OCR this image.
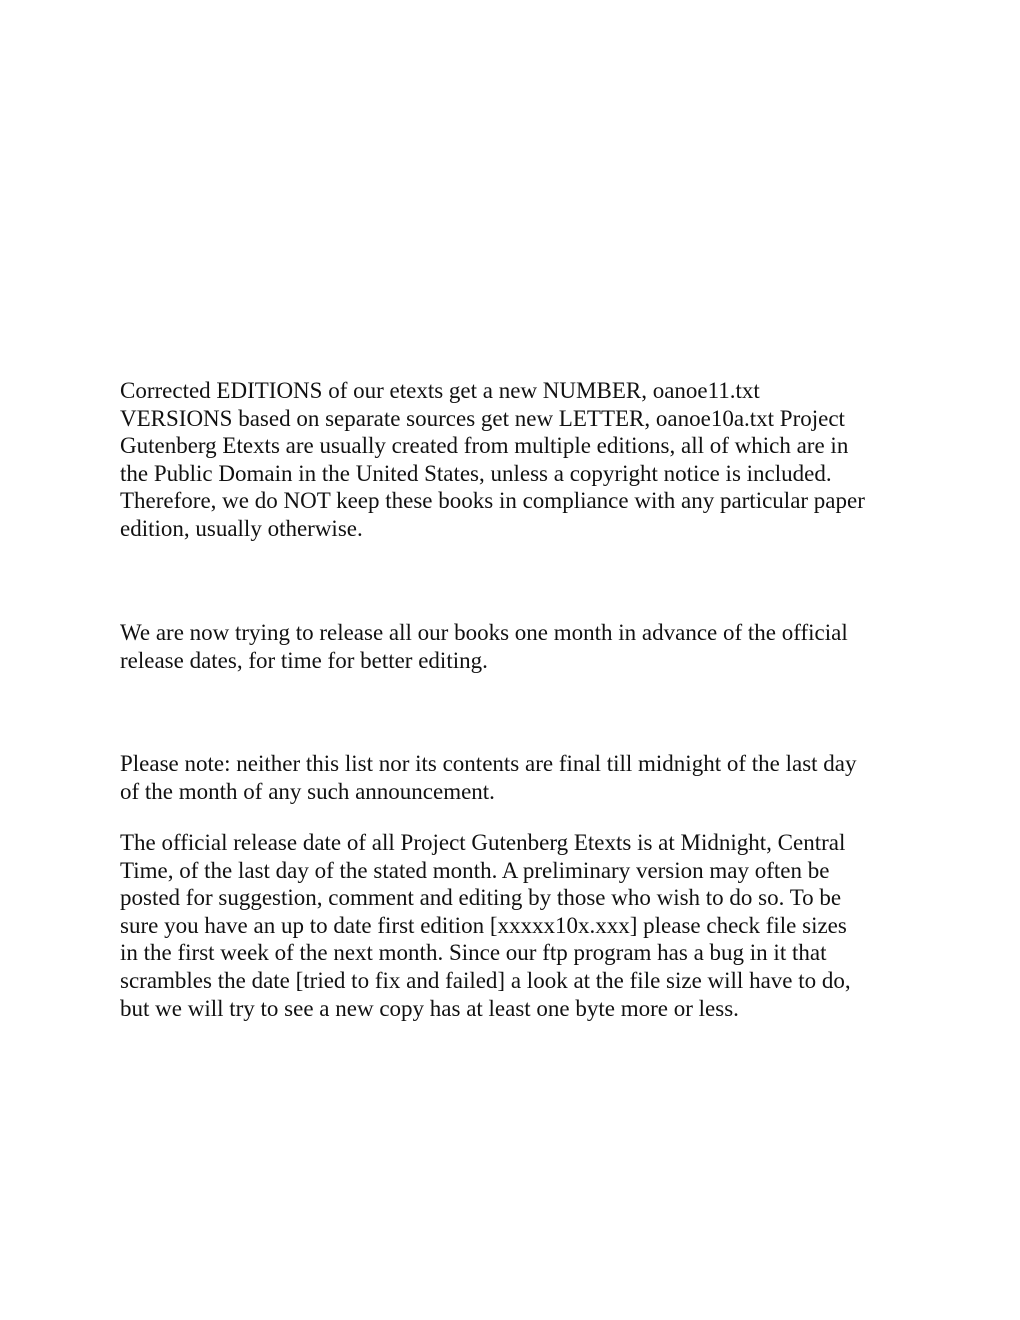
Corrected EDITIONS of our etexts get a new NUMBER, oanoe11.txt
VERSIONS based on separate sources get new LETTER, oanoe10a.txt Project
Gutenberg Etexts are usually created from multiple editions, all of which are in
the Public Domain in the United States, unless a copyright notice is included.
Therefore, we do NOT keep these books in compliance with any particular paper
edition, usually otherwise.
We are now trying to release all our books one month in advance of the official
release dates, for time for better editing.
Please note: neither this list nor its contents are final till midnight of the last day
of the month of any such announcement.
The official release date of all Project Gutenberg Etexts is at Midnight, Central
Time, of the last day of the stated month. A preliminary version may often be
posted for suggestion, comment and editing by those who wish to do so. To be
sure you have an up to date first edition [xxxxx10x.xxx] please check file sizes
in the first week of the next month. Since our ftp program has a bug in it that
scrambles the date [tried to fix and failed] a look at the file size will have to do,
but we will try to see a new copy has at least one byte more or less.
